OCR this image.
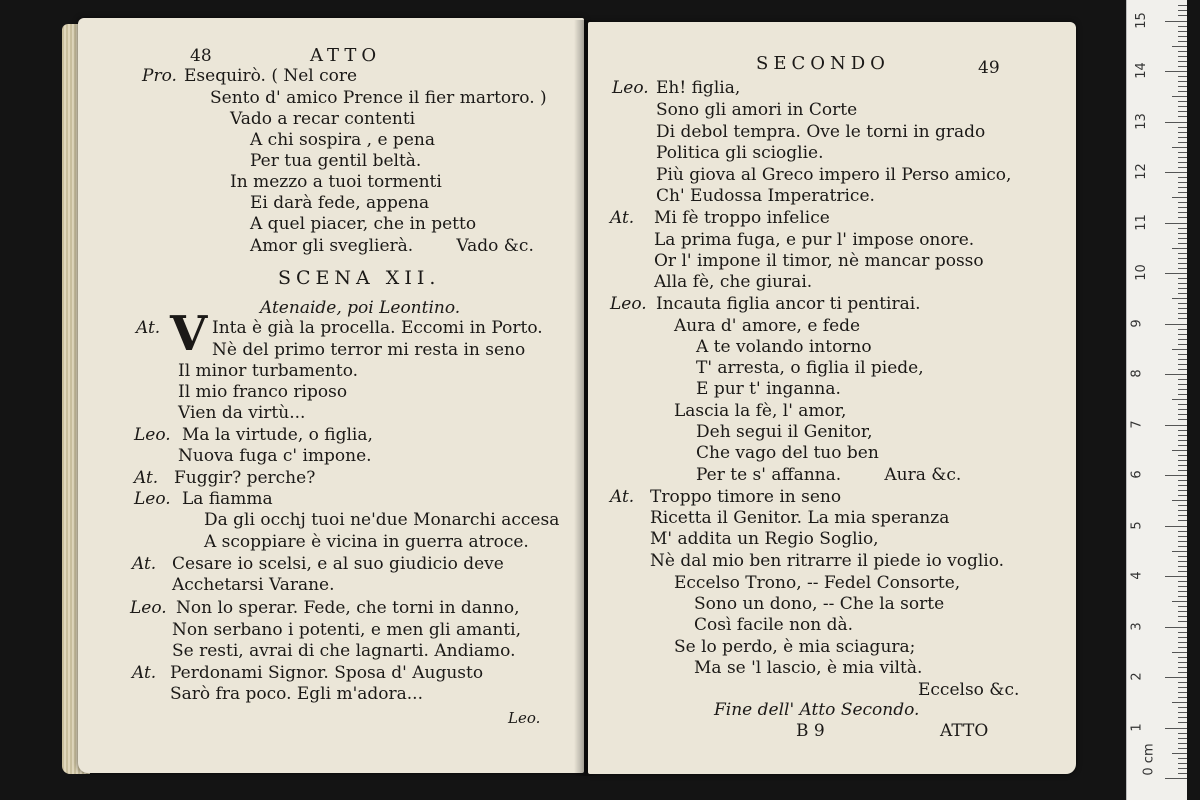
48	ATTO
Pro. Esequirò. ( Nel core
Sento d' amico Prence il fier martoro. )
Vado a recar contenti
A chi sospira , e pena
Per tua gentil beltà.
In mezzo a tuoi tormenti
Ei darà fede, appena
A quel piacer, che in petto
Amor gli sveglierà.        Vado &c.
SCENA XII.
Atenaide, poi Leontino.
At. V Inta è già la procella. Eccomi in Porto.
Nè del primo terror mi resta in seno
Il minor turbamento.
Il mio franco riposo
Vien da virtù...
Leo. Ma la virtude, o figlia,
Nuova fuga c' impone.
At. Fuggir? perche?
Leo. La fiamma
Da gli occhj tuoi ne'due Monarchi accesa
A scoppiare è vicina in guerra atroce.
At. Cesare io scelsi, e al suo giudicio deve
Acchetarsi Varane.
Leo. Non lo sperar. Fede, che torni in danno,
Non serbano i potenti, e men gli amanti,
Se resti, avrai di che lagnarti. Andiamo.
At. Perdonami Signor. Sposa d' Augusto
Sarò fra poco. Egli m'adora...
Leo.
SECONDO	49
Leo. Eh! figlia,
Sono gli amori in Corte
Di debol tempra. Ove le torni in grado
Politica gli scioglie.
Più giova al Greco impero il Perso amico,
Ch' Eudossa Imperatrice.
At. Mi fè troppo infelice
La prima fuga, e pur l' impose onore.
Or l' impone il timor, nè mancar posso
Alla fè, che giurai.
Leo. Incauta figlia ancor ti pentirai.
Aura d' amore, e fede
A te volando intorno
T' arresta, o figlia il piede,
E pur t' inganna.
Lascia la fè, l' amor,
Deh segui il Genitor,
Che vago del tuo ben
Per te s' affanna.        Aura &c.
At. Troppo timore in seno
Ricetta il Genitor. La mia speranza
M' addita un Regio Soglio,
Nè dal mio ben ritrarre il piede io voglio.
Eccelso Trono, -- Fedel Consorte,
Sono un dono, -- Che la sorte
Così facile non dà.
Se lo perdo, è mia sciagura;
Ma se 'l lascio, è mia viltà.
Eccelso &c.
Fine dell' Atto Secondo.
B 9	ATTO
0 cm
1
2
3
4
5
6
7
8
9
10
11
12
13
14
15
